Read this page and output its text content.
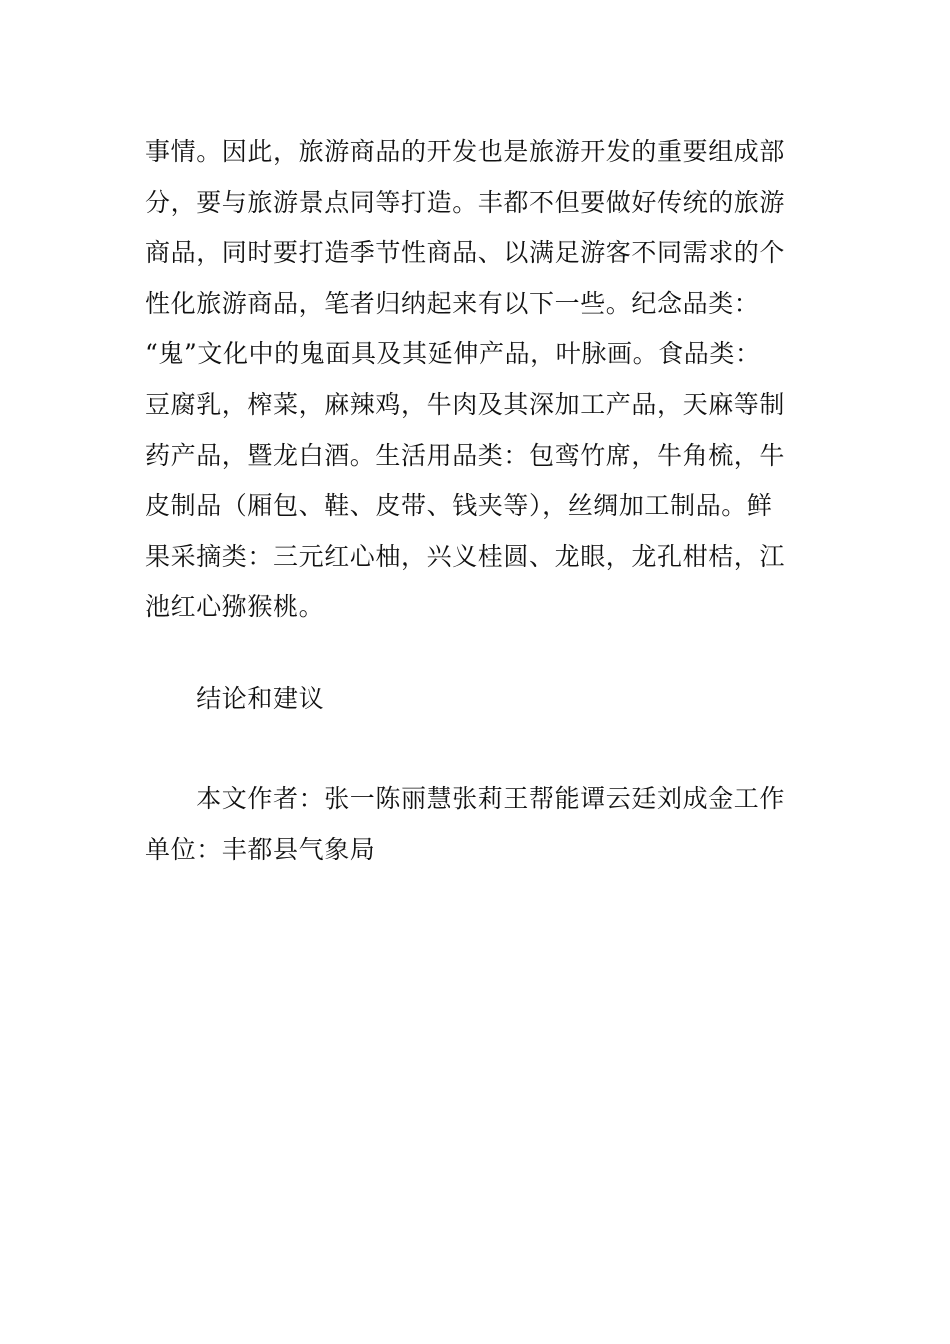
事情。因此，旅游商品的开发也是旅游开发的重要组成部
分，要与旅游景点同等打造。丰都不但要做好传统的旅游
商品，同时要打造季节性商品、以满足游客不同需求的个
性化旅游商品，笔者归纳起来有以下一些。纪念品类：
“鬼”文化中的鬼面具及其延伸产品，叶脉画。食品类：
豆腐乳，榨菜，麻辣鸡，牛肉及其深加工产品，天麻等制
药产品，暨龙白酒。生活用品类：包鸾竹席，牛角梳，牛
皮制品（厢包、鞋、皮带、钱夹等），丝绸加工制品。鲜
果采摘类：三元红心柚，兴义桂圆、龙眼，龙孔柑桔，江
池红心猕猴桃。
　　结论和建议
　　本文作者：张一陈丽慧张莉王帮能谭云廷刘成金工作
单位：丰都县气象局
